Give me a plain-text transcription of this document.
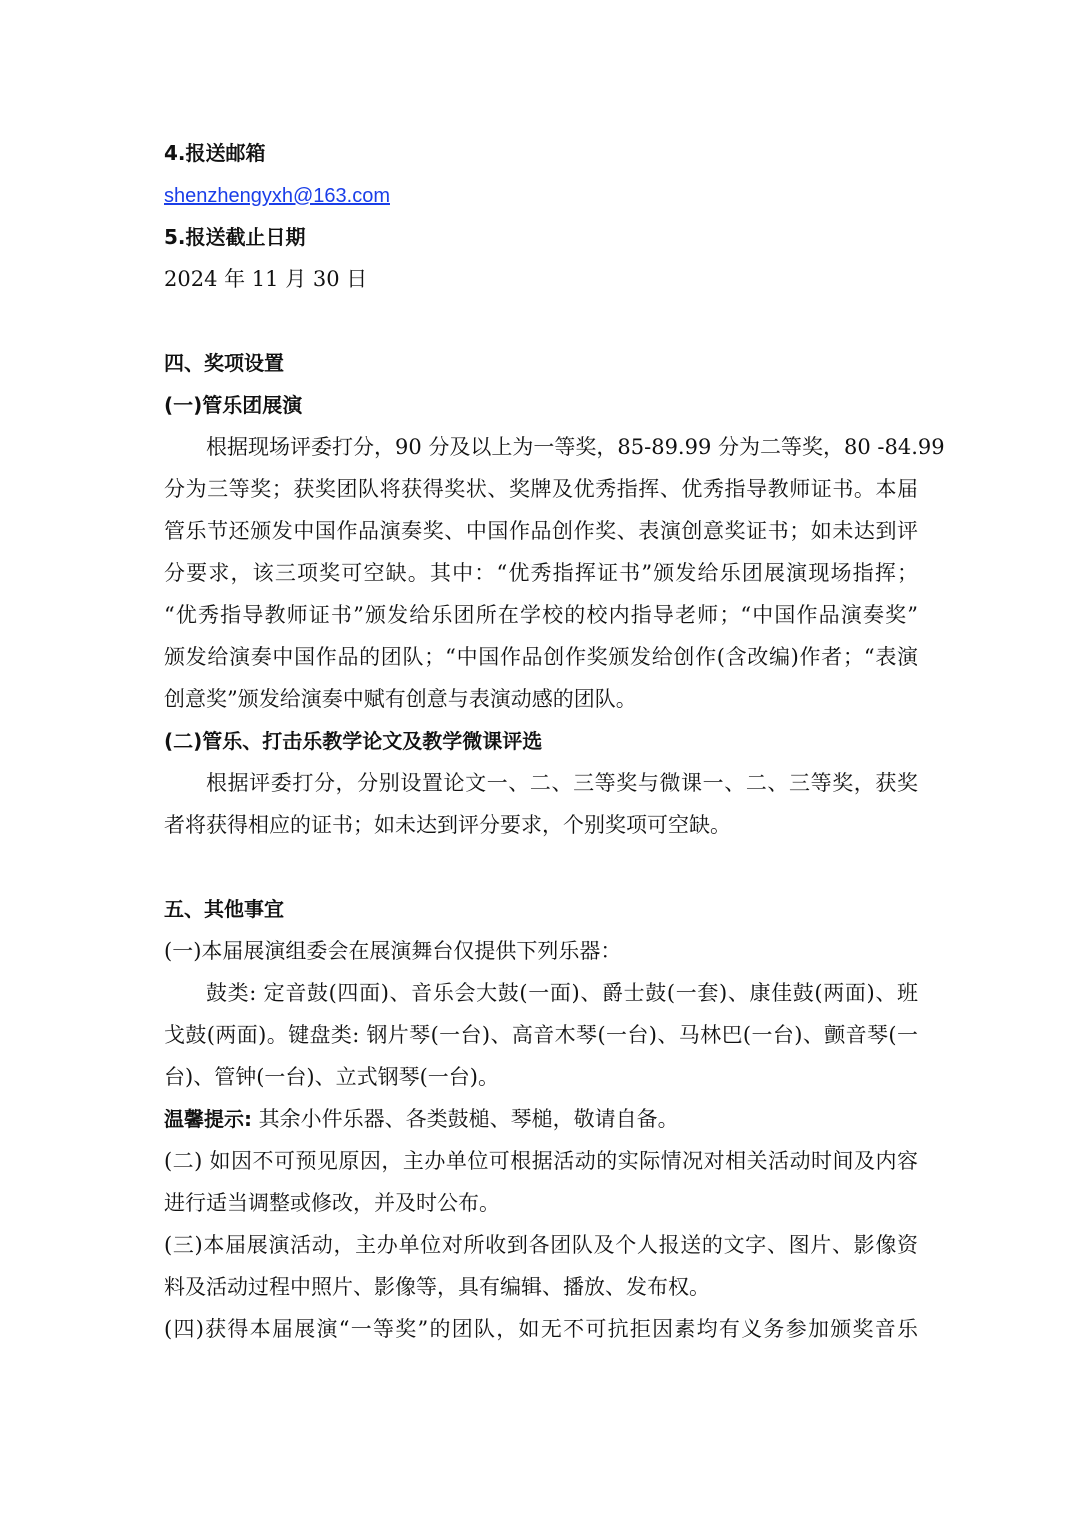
4.报送邮箱

shenzhengyxh@163.com

5.报送截止日期

2024 年 11 月 30 日

四、奖项设置

(一)管乐团展演

根据现场评委打分，90 分及以上为一等奖，85-89.99 分为二等奖，80 -84.99

分为三等奖；获奖团队将获得奖状、奖牌及优秀指挥、优秀指导教师证书。本届

管乐节还颁发中国作品演奏奖、中国作品创作奖、表演创意奖证书；如未达到评

分要求，该三项奖可空缺。其中：“优秀指挥证书”颁发给乐团展演现场指挥；

“优秀指导教师证书”颁发给乐团所在学校的校内指导老师；“中国作品演奏奖”

颁发给演奏中国作品的团队；“中国作品创作奖颁发给创作(含改编)作者；“表演

创意奖”颁发给演奏中赋有创意与表演动感的团队。

(二)管乐、打击乐教学论文及教学微课评选

根据评委打分，分别设置论文一、二、三等奖与微课一、二、三等奖，获奖

者将获得相应的证书；如未达到评分要求，个别奖项可空缺。

五、其他事宜

(一)本届展演组委会在展演舞台仅提供下列乐器：

鼓类: 定音鼓(四面)、音乐会大鼓(一面)、爵士鼓(一套)、康佳鼓(两面)、班

戈鼓(两面)。键盘类: 钢片琴(一台)、高音木琴(一台)、马林巴(一台)、颤音琴(一

台)、管钟(一台)、立式钢琴(一台)。

温馨提示: 其余小件乐器、各类鼓槌、琴槌，敬请自备。

(二) 如因不可预见原因，主办单位可根据活动的实际情况对相关活动时间及内容

进行适当调整或修改，并及时公布。

(三)本届展演活动，主办单位对所收到各团队及个人报送的文字、图片、影像资

料及活动过程中照片、影像等，具有编辑、播放、发布权。

(四)获得本届展演“一等奖”的团队，如无不可抗拒因素均有义务参加颁奖音乐
